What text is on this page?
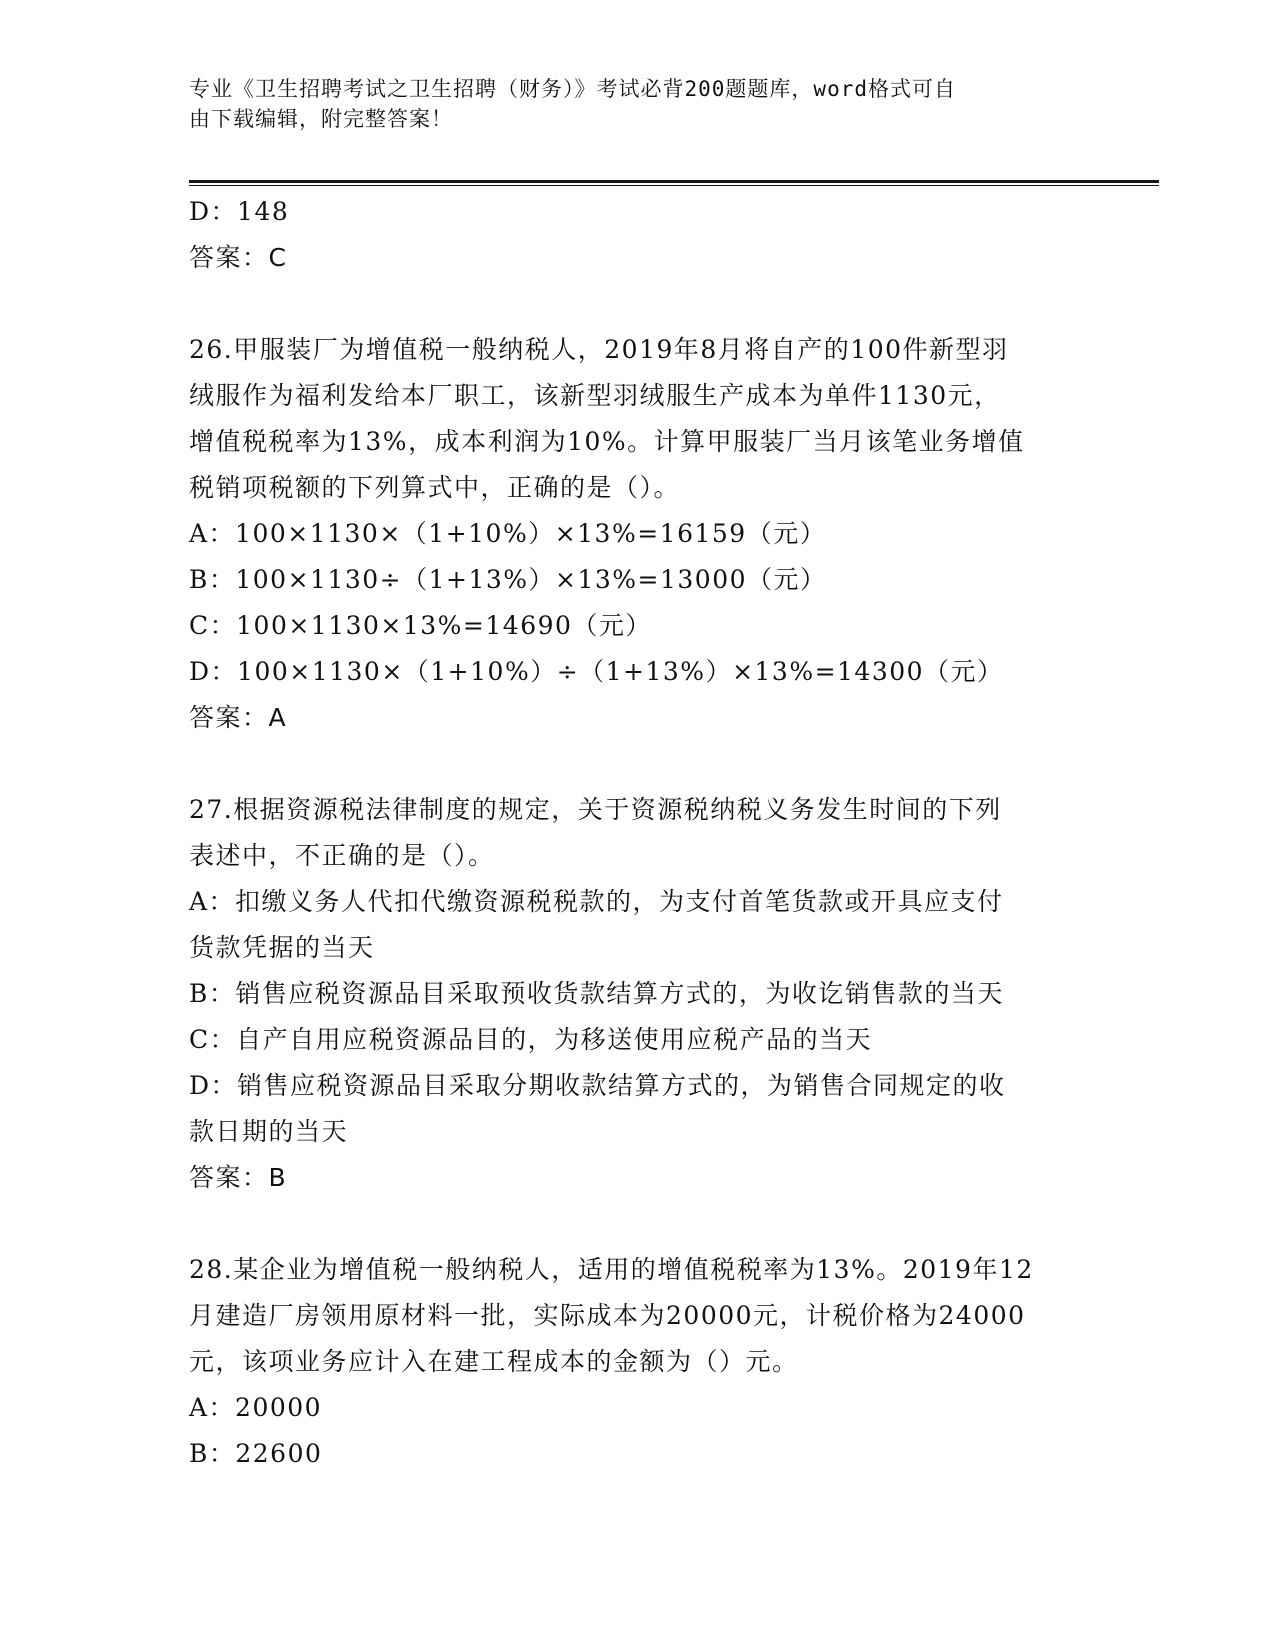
专业《卫生招聘考试之卫生招聘（财务）》考试必背200题题库，word格式可自
由下载编辑，附完整答案！
D：148
答案：C
26.甲服装厂为增值税一般纳税人，2019年8月将自产的100件新型羽
绒服作为福利发给本厂职工，该新型羽绒服生产成本为单件1130元，
增值税税率为13%，成本利润为10%。计算甲服装厂当月该笔业务增值
税销项税额的下列算式中，正确的是（）。
A：100×1130×（1+10%）×13%=16159（元）
B：100×1130÷（1+13%）×13%=13000（元）
C：100×1130×13%=14690（元）
D：100×1130×（1+10%）÷（1+13%）×13%=14300（元）
答案：A
27.根据资源税法律制度的规定，关于资源税纳税义务发生时间的下列
表述中，不正确的是（）。
A：扣缴义务人代扣代缴资源税税款的，为支付首笔货款或开具应支付
货款凭据的当天
B：销售应税资源品目采取预收货款结算方式的，为收讫销售款的当天
C：自产自用应税资源品目的，为移送使用应税产品的当天
D：销售应税资源品目采取分期收款结算方式的，为销售合同规定的收
款日期的当天
答案：B
28.某企业为增值税一般纳税人，适用的增值税税率为13%。2019年12
月建造厂房领用原材料一批，实际成本为20000元，计税价格为24000
元，该项业务应计入在建工程成本的金额为（）元。
A：20000
B：22600
